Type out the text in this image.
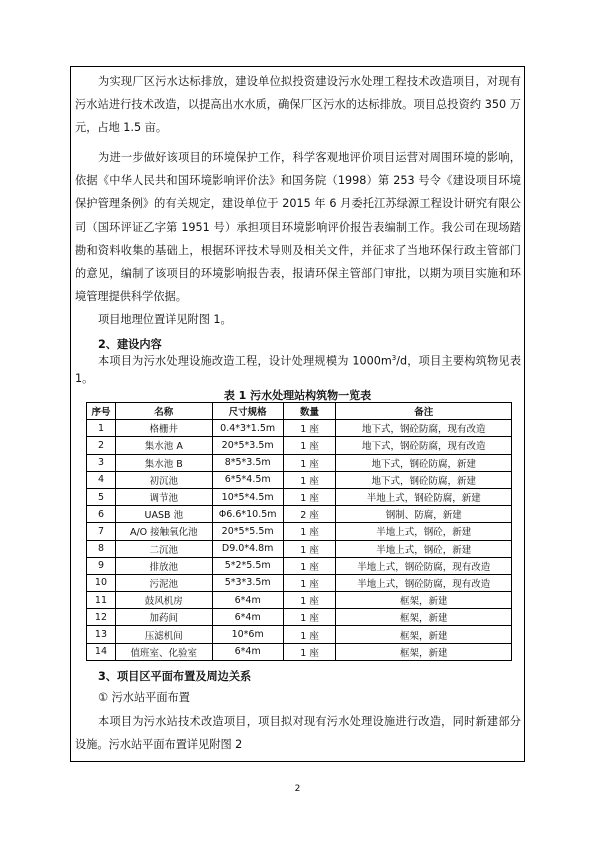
为实现厂区污水达标排放，建设单位拟投资建设污水处理工程技术改造项目，对现有污水站进行技术改造，以提高出水水质，确保厂区污水的达标排放。项目总投资约 350 万元，占地 1.5 亩。
为进一步做好该项目的环境保护工作，科学客观地评价项目运营对周围环境的影响，依据《中华人民共和国环境影响评价法》和国务院（1998）第 253 号令《建设项目环境保护管理条例》的有关规定，建设单位于 2015 年 6 月委托江苏绿源工程设计研究有限公司（国环评证乙字第 1951 号）承担项目环境影响评价报告表编制工作。我公司在现场踏勘和资料收集的基础上，根据环评技术导则及相关文件，并征求了当地环保行政主管部门的意见，编制了该项目的环境影响报告表，报请环保主管部门审批，以期为项目实施和环境管理提供科学依据。
项目地理位置详见附图 1。
2、建设内容
本项目为污水处理设施改造工程，设计处理规模为 $1000m^3/d$，项目主要构筑物见表 1。
表 1 污水处理站构筑物一览表
序号	名称	尺寸规格	数量	备注
1	格栅井	0.4*3*1.5m	1 座	地下式，钢砼防腐，现有改造
2	集水池 A	20*5*3.5m	1 座	地下式，钢砼防腐，现有改造
3	集水池 B	8*5*3.5m	1 座	地下式，钢砼防腐，新建
4	初沉池	6*5*4.5m	1 座	地下式，钢砼防腐，新建
5	调节池	10*5*4.5m	1 座	半地上式，钢砼防腐，新建
6	UASB 池	Φ6.6*10.5m	2 座	钢制、防腐，新建
7	A/O 接触氧化池	20*5*5.5m	1 座	半地上式，钢砼，新建
8	二沉池	D9.0*4.8m	1 座	半地上式，钢砼，新建
9	排放池	5*2*5.5m	1 座	半地上式，钢砼防腐，现有改造
10	污泥池	5*3*3.5m	1 座	半地上式，钢砼防腐，现有改造
11	鼓风机房	6*4m	1 座	框架，新建
12	加药间	6*4m	1 座	框架，新建
13	压滤机间	10*6m	1 座	框架，新建
14	值班室、化验室	6*4m	1 座	框架，新建
3、项目区平面布置及周边关系
① 污水站平面布置
本项目为污水站技术改造项目，项目拟对现有污水处理设施进行改造，同时新建部分设施。污水站平面布置详见附图 2
2
